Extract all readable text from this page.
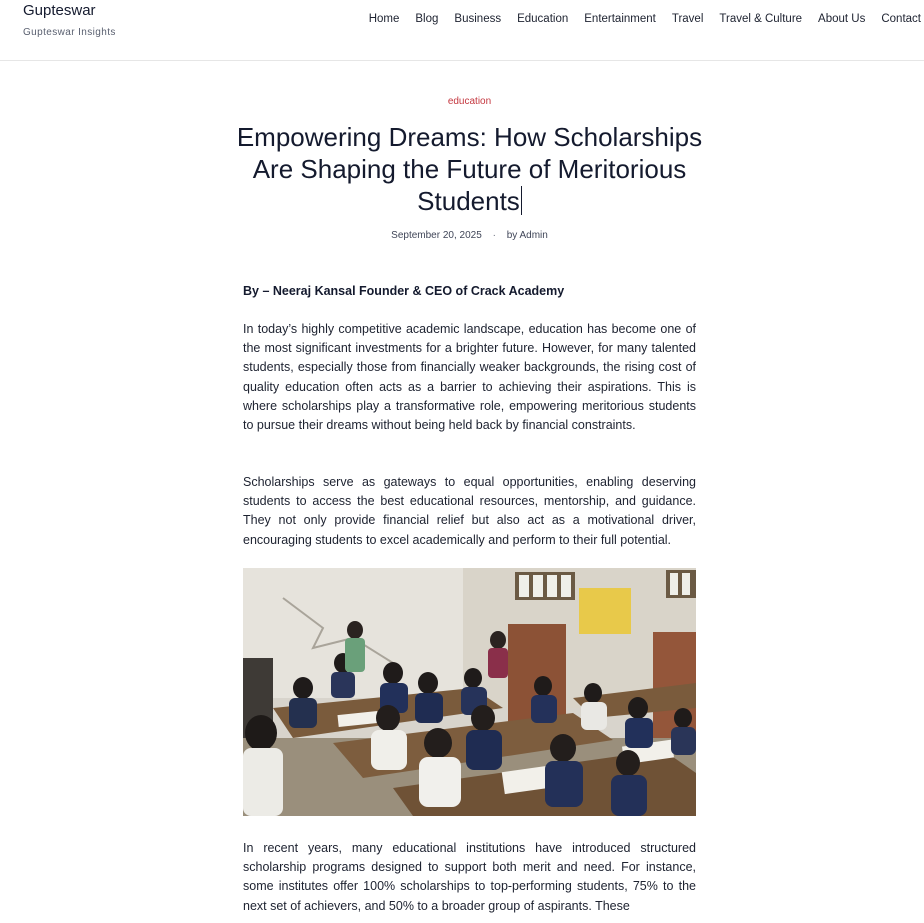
Gupteswar
Gupteswar Insights
Home Blog Business Education Entertainment Travel Travel & Culture About Us Contact
education
Empowering Dreams: How Scholarships Are Shaping the Future of Meritorious Students
September 20, 2025 · by Admin

By – Neeraj Kansal Founder & CEO of Crack Academy

In today’s highly competitive academic landscape, education has become one of the most significant investments for a brighter future. However, for many talented students, especially those from financially weaker backgrounds, the rising cost of quality education often acts as a barrier to achieving their aspirations. This is where scholarships play a transformative role, empowering meritorious students to pursue their dreams without being held back by financial constraints.

Scholarships serve as gateways to equal opportunities, enabling deserving students to access the best educational resources, mentorship, and guidance. They not only provide financial relief but also act as a motivational driver, encouraging students to excel academically and perform to their full potential.

In recent years, many educational institutions have introduced structured scholarship programs designed to support both merit and need. For instance, some institutes offer 100% scholarships to top-performing students, 75% to the next set of achievers, and 50% to a broader group of aspirants. These
